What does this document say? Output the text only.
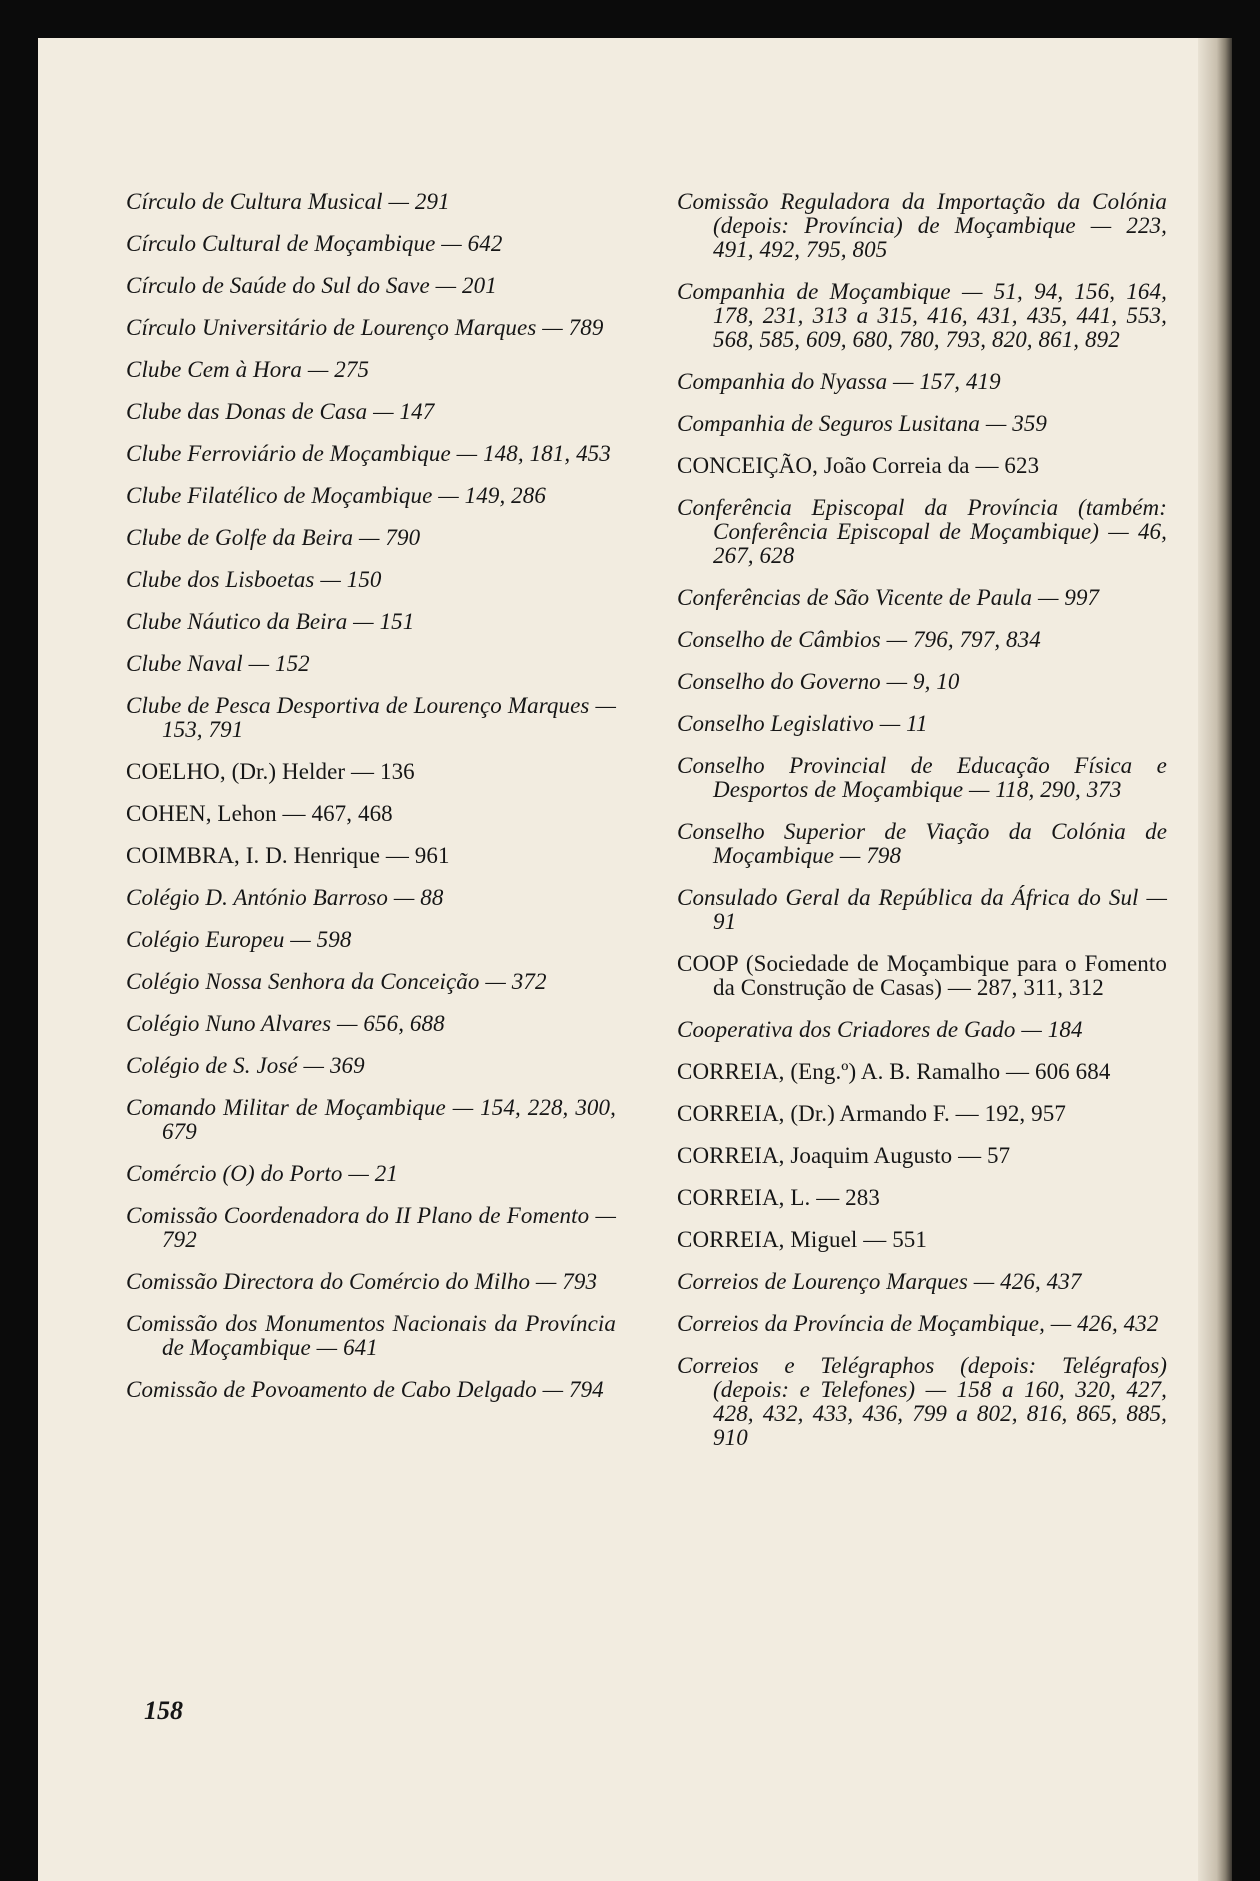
Círculo de Cultura Musical — 291

Círculo Cultural de Moçambique — 642

Círculo de Saúde do Sul do Save — 201

Círculo Universitário de Lourenço Marques — 789

Clube Cem à Hora — 275

Clube das Donas de Casa — 147

Clube Ferroviário de Moçambique — 148, 181, 453

Clube Filatélico de Moçambique — 149, 286

Clube de Golfe da Beira — 790

Clube dos Lisboetas — 150

Clube Náutico da Beira — 151

Clube Naval — 152

Clube de Pesca Desportiva de Lourenço Marques — 153, 791

COELHO, (Dr.) Helder — 136

COHEN, Lehon — 467, 468

COIMBRA, I. D. Henrique — 961

Colégio D. António Barroso — 88

Colégio Europeu — 598

Colégio Nossa Senhora da Conceição — 372

Colégio Nuno Alvares — 656, 688

Colégio de S. José — 369

Comando Militar de Moçambique — 154, 228, 300, 679

Comércio (O) do Porto — 21

Comissão Coordenadora do II Plano de Fomento — 792

Comissão Directora do Comércio do Milho — 793

Comissão dos Monumentos Nacionais da Província de Moçambique — 641

Comissão de Povoamento de Cabo Delgado — 794

Comissão Reguladora da Importação da Colónia (depois: Província) de Moçambique — 223, 491, 492, 795, 805

Companhia de Moçambique — 51, 94, 156, 164, 178, 231, 313 a 315, 416, 431, 435, 441, 553, 568, 585, 609, 680, 780, 793, 820, 861, 892

Companhia do Nyassa — 157, 419

Companhia de Seguros Lusitana — 359

CONCEIÇÃO, João Correia da — 623

Conferência Episcopal da Província (também: Conferência Episcopal de Moçambique) — 46, 267, 628

Conferências de São Vicente de Paula — 997

Conselho de Câmbios — 796, 797, 834

Conselho do Governo — 9, 10

Conselho Legislativo — 11

Conselho Provincial de Educação Física e Desportos de Moçambique — 118, 290, 373

Conselho Superior de Viação da Colónia de Moçambique — 798

Consulado Geral da República da África do Sul — 91

COOP (Sociedade de Moçambique para o Fomento da Construção de Casas) — 287, 311, 312

Cooperativa dos Criadores de Gado — 184

CORREIA, (Eng.º) A. B. Ramalho — 606 684

CORREIA, (Dr.) Armando F. — 192, 957

CORREIA, Joaquim Augusto — 57

CORREIA, L. — 283

CORREIA, Miguel — 551

Correios de Lourenço Marques — 426, 437

Correios da Província de Moçambique, — 426, 432

Correios e Telégraphos (depois: Telégrafos) (depois: e Telefones) — 158 a 160, 320, 427, 428, 432, 433, 436, 799 a 802, 816, 865, 885, 910

158
